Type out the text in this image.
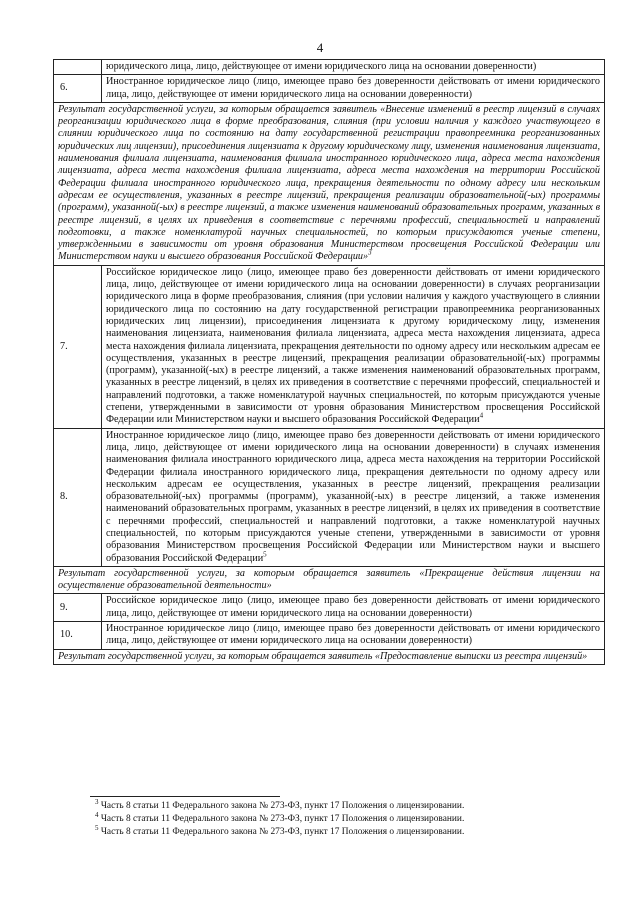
4
	юридического лица, лицо, действующее от имени юридического лица на основании доверенности)
6.	Иностранное юридическое лицо (лицо, имеющее право без доверенности действовать от имени юридического лица, лицо, действующее от имени юридического лица на основании доверенности)
Результат государственной услуги, за которым обращается заявитель «Внесение изменений в реестр лицензий в случаях реорганизации юридического лица в форме преобразования, слияния (при условии наличия у каждого участвующего в слиянии юридического лица по состоянию на дату государственной регистрации правопреемника реорганизованных юридических лиц лицензии), присоединения лицензиата к другому юридическому лицу, изменения наименования лицензиата, наименования филиала лицензиата, наименования филиала иностранного юридического лица, адреса места нахождения лицензиата, адреса места нахождения филиала лицензиата, адреса места нахождения на территории Российской Федерации филиала иностранного юридического лица, прекращения деятельности по одному адресу или нескольким адресам ее осуществления, указанных в реестре лицензий, прекращения реализации образовательной(-ых) программы (программ), указанной(-ых) в реестре лицензий, а также изменения наименований образовательных программ, указанных в реестре лицензий, в целях их приведения в соответствие с перечнями профессий, специальностей и направлений подготовки, а также номенклатурой научных специальностей, по которым присуждаются ученые степени, утвержденными в зависимости от уровня образования Министерством просвещения Российской Федерации или Министерством науки и высшего образования Российской Федерации»$^3$
7.	Российское юридическое лицо (лицо, имеющее право без доверенности действовать от имени юридического лица, лицо, действующее от имени юридического лица на основании доверенности) в случаях реорганизации юридического лица в форме преобразования, слияния (при условии наличия у каждого участвующего в слиянии юридического лица по состоянию на дату государственной регистрации правопреемника реорганизованных юридических лиц лицензии), присоединения лицензиата к другому юридическому лицу, изменения наименования лицензиата, наименования филиала лицензиата, адреса места нахождения лицензиата, адреса места нахождения филиала лицензиата, прекращения деятельности по одному адресу или нескольким адресам ее осуществления, указанных в реестре лицензий, прекращения реализации образовательной(-ых) программы (программ), указанной(-ых) в реестре лицензий, а также изменения наименований образовательных программ, указанных в реестре лицензий, в целях их приведения в соответствие с перечнями профессий, специальностей и направлений подготовки, а также номенклатурой научных специальностей, по которым присуждаются ученые степени, утвержденными в зависимости от уровня образования Министерством просвещения Российской Федерации или Министерством науки и высшего образования Российской Федерации$^4$
8.	Иностранное юридическое лицо (лицо, имеющее право без доверенности действовать от имени юридического лица, лицо, действующее от имени юридического лица на основании доверенности) в случаях изменения наименования филиала иностранного юридического лица, адреса места нахождения на территории Российской Федерации филиала иностранного юридического лица, прекращения деятельности по одному адресу или нескольким адресам ее осуществления, указанных в реестре лицензий, прекращения реализации образовательной(-ых) программы (программ), указанной(-ых) в реестре лицензий, а также изменения наименований образовательных программ, указанных в реестре лицензий, в целях их приведения в соответствие с перечнями профессий, специальностей и направлений подготовки, а также номенклатурой научных специальностей, по которым присуждаются ученые степени, утвержденными в зависимости от уровня образования Министерством просвещения Российской Федерации или Министерством науки и высшего образования Российской Федерации$^5$
Результат государственной услуги, за которым обращается заявитель «Прекращение действия лицензии на осуществление образовательной деятельности»	
9.	Российское юридическое лицо (лицо, имеющее право без доверенности действовать от имени юридического лица, лицо, действующее от имени юридического лица на основании доверенности)
10.	Иностранное юридическое лицо (лицо, имеющее право без доверенности действовать от имени юридического лица, лицо, действующее от имени юридического лица на основании доверенности)
Результат государственной услуги, за которым обращается заявитель «Предоставление выписки из реестра лицензий»	
$^3$ Часть 8 статьи 11 Федерального закона № 273-ФЗ, пункт 17 Положения о лицензировании.
$^4$ Часть 8 статьи 11 Федерального закона № 273-ФЗ, пункт 17 Положения о лицензировании.
$^5$ Часть 8 статьи 11 Федерального закона № 273-ФЗ, пункт 17 Положения о лицензировании.
